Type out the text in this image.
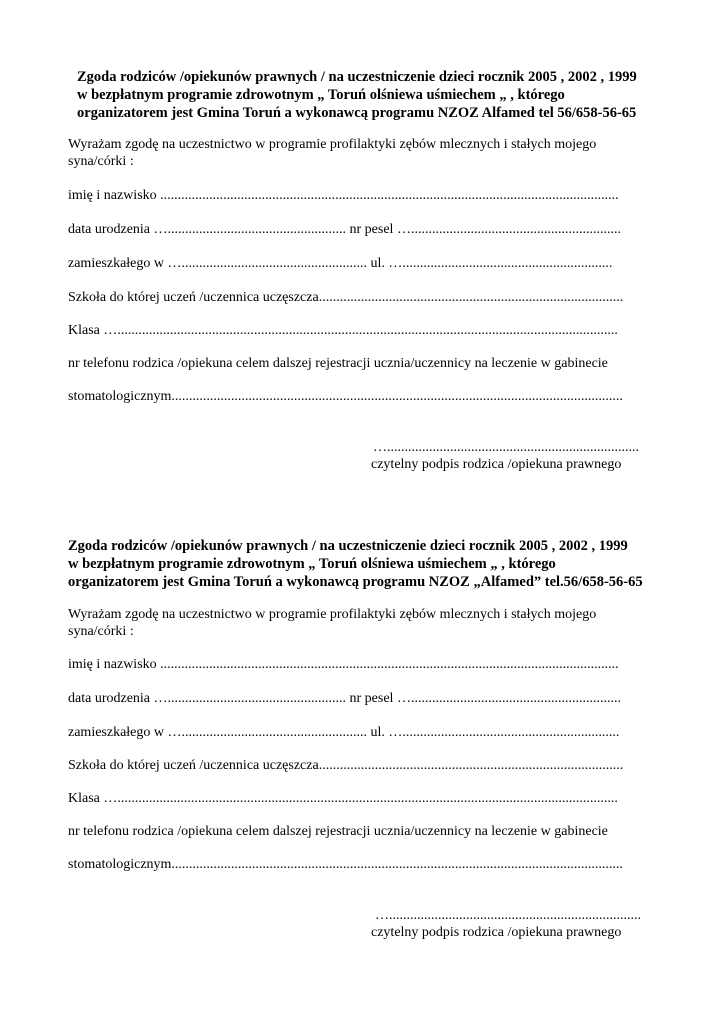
Zgoda rodziców /opiekunów prawnych / na uczestniczenie dzieci rocznik 2005 , 2002 , 1999
w bezpłatnym programie zdrowotnym „ Toruń olśniewa uśmiechem „ , którego
organizatorem jest Gmina Toruń a wykonawcą programu NZOZ Alfamed tel 56/658-56-65
Wyrażam zgodę na uczestnictwo w programie profilaktyki zębów mlecznych i stałych mojego
syna/córki :
imię i nazwisko ...................................................................................................................................
data urodzenia …................................................... nr pesel …............................................................
zamieszkałego w …..................................................... ul. …............................................................
Szkoła do której uczeń /uczennica uczęszcza.......................................................................................
Klasa …...............................................................................................................................................
nr telefonu rodzica /opiekuna celem dalszej rejestracji ucznia/uczennicy na leczenie w gabinecie
stomatologicznym.................................................................................................................................
…........................................................................
czytelny podpis rodzica /opiekuna prawnego
Zgoda rodziców /opiekunów prawnych / na uczestniczenie dzieci rocznik 2005 , 2002 , 1999
w bezpłatnym programie zdrowotnym „ Toruń olśniewa uśmiechem „ , którego
organizatorem jest Gmina Toruń a wykonawcą programu NZOZ „Alfamed” tel.56/658-56-65
Wyrażam zgodę na uczestnictwo w programie profilaktyki zębów mlecznych i stałych mojego
syna/córki :
imię i nazwisko ...................................................................................................................................
data urodzenia …................................................... nr pesel …............................................................
zamieszkałego w …..................................................... ul. …..............................................................
Szkoła do której uczeń /uczennica uczęszcza.......................................................................................
Klasa …...............................................................................................................................................
nr telefonu rodzica /opiekuna celem dalszej rejestracji ucznia/uczennicy na leczenie w gabinecie
stomatologicznym.................................................................................................................................
…........................................................................
czytelny podpis rodzica /opiekuna prawnego
